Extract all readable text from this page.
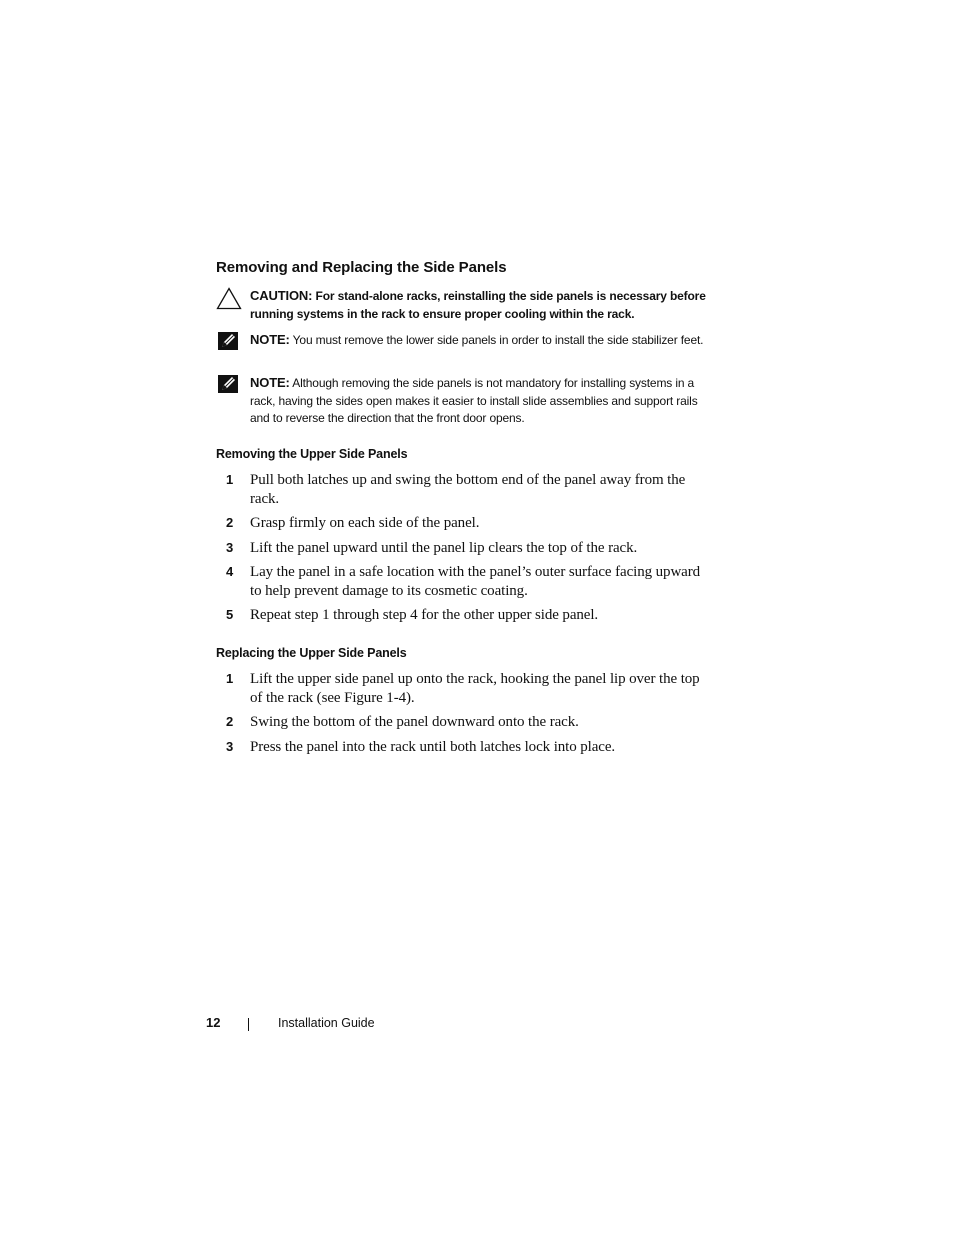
Removing and Replacing the Side Panels
CAUTION: For stand-alone racks, reinstalling the side panels is necessary before running systems in the rack to ensure proper cooling within the rack.
NOTE: You must remove the lower side panels in order to install the side stabilizer feet.
NOTE: Although removing the side panels is not mandatory for installing systems in a rack, having the sides open makes it easier to install slide assemblies and support rails and to reverse the direction that the front door opens.
Removing the Upper Side Panels
1 Pull both latches up and swing the bottom end of the panel away from the rack.
2 Grasp firmly on each side of the panel.
3 Lift the panel upward until the panel lip clears the top of the rack.
4 Lay the panel in a safe location with the panel’s outer surface facing upward to help prevent damage to its cosmetic coating.
5 Repeat step 1 through step 4 for the other upper side panel.
Replacing the Upper Side Panels
1 Lift the upper side panel up onto the rack, hooking the panel lip over the top of the rack (see Figure 1-4).
2 Swing the bottom of the panel downward onto the rack.
3 Press the panel into the rack until both latches lock into place.
12	Installation Guide
